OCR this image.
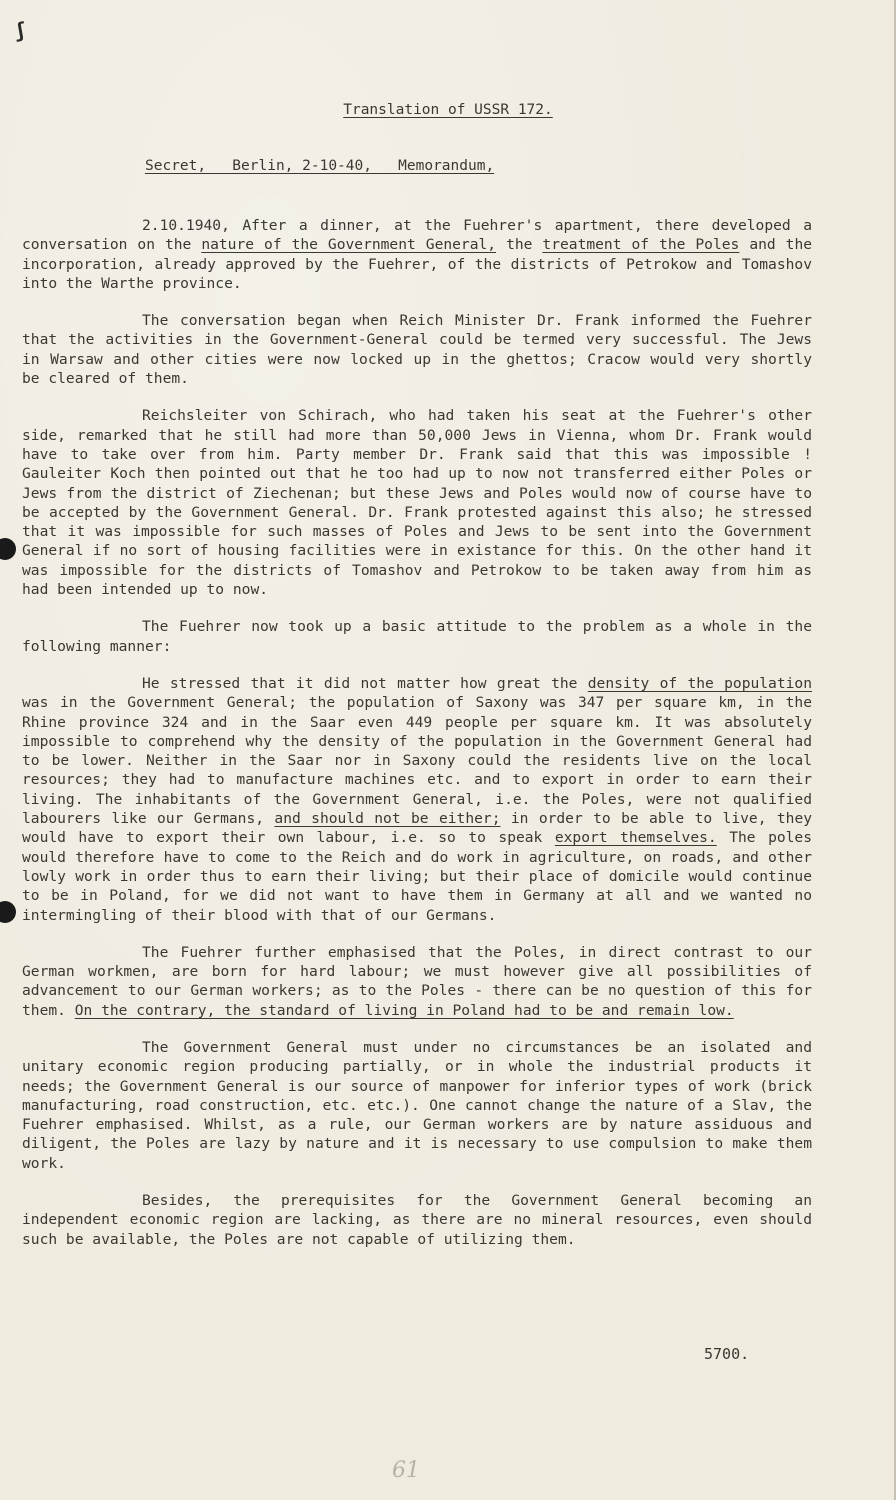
ʃ
Translation of USSR 172.
Secret,   Berlin, 2-10-40,   Memorandum,

2.10.1940, After a dinner, at the Fuehrer's apartment, there developed a conversation on the nature of the Government General, the treatment of the Poles and the incorporation, already approved by the Fuehrer, of the districts of Petrokow and Tomashov into the Warthe province.

The conversation began when Reich Minister Dr. Frank informed the Fuehrer that the activities in the Government-General could be termed very successful. The Jews in Warsaw and other cities were now locked up in the ghettos; Cracow would very shortly be cleared of them.

Reichsleiter von Schirach, who had taken his seat at the Fuehrer's other side, remarked that he still had more than 50,000 Jews in Vienna, whom Dr. Frank would have to take over from him. Party member Dr. Frank said that this was impossible ! Gauleiter Koch then pointed out that he too had up to now not transferred either Poles or Jews from the district of Ziechenan; but these Jews and Poles would now of course have to be accepted by the Government General. Dr. Frank protested against this also; he stressed that it was impossible for such masses of Poles and Jews to be sent into the Government General if no sort of housing facilities were in existance for this. On the other hand it was impossible for the districts of Tomashov and Petrokow to be taken away from him as had been intended up to now.

The Fuehrer now took up a basic attitude to the problem as a whole in the following manner:

He stressed that it did not matter how great the density of the population was in the Government General; the population of Saxony was 347 per square km, in the Rhine province 324 and in the Saar even 449 people per square km. It was absolutely impossible to comprehend why the density of the population in the Government General had to be lower. Neither in the Saar nor in Saxony could the residents live on the local resources; they had to manufacture machines etc. and to export in order to earn their living. The inhabitants of the Government General, i.e. the Poles, were not qualified labourers like our Germans, and should not be either; in order to be able to live, they would have to export their own labour, i.e. so to speak export themselves. The poles would therefore have to come to the Reich and do work in agriculture, on roads, and other lowly work in order thus to earn their living; but their place of domicile would continue to be in Poland, for we did not want to have them in Germany at all and we wanted no intermingling of their blood with that of our Germans.

The Fuehrer further emphasised that the Poles, in direct contrast to our German workmen, are born for hard labour; we must however give all possibilities of advancement to our German workers; as to the Poles - there can be no question of this for them. On the contrary, the standard of living in Poland had to be and remain low.

The Government General must under no circumstances be an isolated and unitary economic region producing partially, or in whole the industrial products it needs; the Government General is our source of manpower for inferior types of work (brick manufacturing, road construction, etc. etc.). One cannot change the nature of a Slav, the Fuehrer emphasised. Whilst, as a rule, our German workers are by nature assiduous and diligent, the Poles are lazy by nature and it is necessary to use compulsion to make them work.

Besides, the prerequisites for the Government General becoming an independent economic region are lacking, as there are no mineral resources, even should such be available, the Poles are not capable of utilizing them.

5700.
61
